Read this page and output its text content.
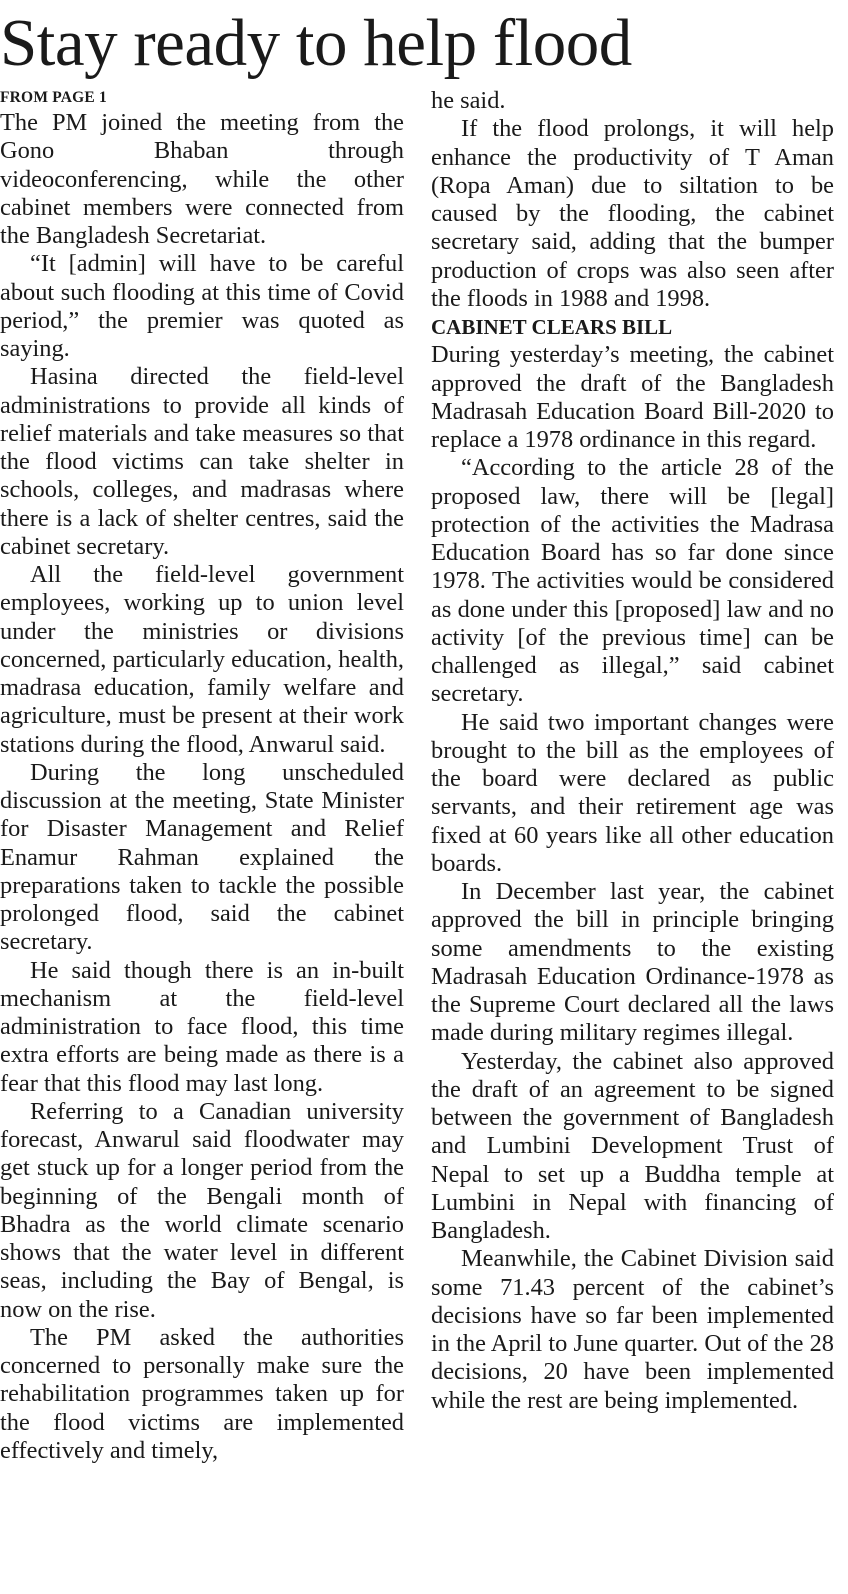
Stay ready to help flood
FROM PAGE 1

The PM joined the meeting from the Gono Bhaban through videoconferencing, while the other cabinet members were connected from the Bangladesh Secretariat.

“It [admin] will have to be careful about such flooding at this time of Covid period,” the premier was quoted as saying.

Hasina directed the field-level administrations to provide all kinds of relief materials and take measures so that the flood victims can take shelter in schools, colleges, and madrasas where there is a lack of shelter centres, said the cabinet secretary.

All the field-level government employees, working up to union level under the ministries or divisions concerned, particularly education, health, madrasa education, family welfare and agriculture, must be present at their work stations during the flood, Anwarul said.

During the long unscheduled discussion at the meeting, State Minister for Disaster Management and Relief Enamur Rahman explained the preparations taken to tackle the possible prolonged flood, said the cabinet secretary.

He said though there is an in-built mechanism at the field-level administration to face flood, this time extra efforts are being made as there is a fear that this flood may last long.

Referring to a Canadian university forecast, Anwarul said floodwater may get stuck up for a longer period from the beginning of the Bengali month of Bhadra as the world climate scenario shows that the water level in different seas, including the Bay of Bengal, is now on the rise.

The PM asked the authorities concerned to personally make sure the rehabilitation programmes taken up for the flood victims are implemented effectively and timely,

he said.

If the flood prolongs, it will help enhance the productivity of T Aman (Ropa Aman) due to siltation to be caused by the flooding, the cabinet secretary said, adding that the bumper production of crops was also seen after the floods in 1988 and 1998.

CABINET CLEARS BILL

During yesterday’s meeting, the cabinet approved the draft of the Bangladesh Madrasah Education Board Bill-2020 to replace a 1978 ordinance in this regard.

“According to the article 28 of the proposed law, there will be [legal] protection of the activities the Madrasa Education Board has so far done since 1978. The activities would be considered as done under this [proposed] law and no activity [of the previous time] can be challenged as illegal,” said cabinet secretary.

He said two important changes were brought to the bill as the employees of the board were declared as public servants, and their retirement age was fixed at 60 years like all other education boards.

In December last year, the cabinet approved the bill in principle bringing some amendments to the existing Madrasah Education Ordinance-1978 as the Supreme Court declared all the laws made during military regimes illegal.

Yesterday, the cabinet also approved the draft of an agreement to be signed between the government of Bangladesh and Lumbini Development Trust of Nepal to set up a Buddha temple at Lumbini in Nepal with financing of Bangladesh.

Meanwhile, the Cabinet Division said some 71.43 percent of the cabinet’s decisions have so far been implemented in the April to June quarter. Out of the 28 decisions, 20 have been implemented while the rest are being implemented.
